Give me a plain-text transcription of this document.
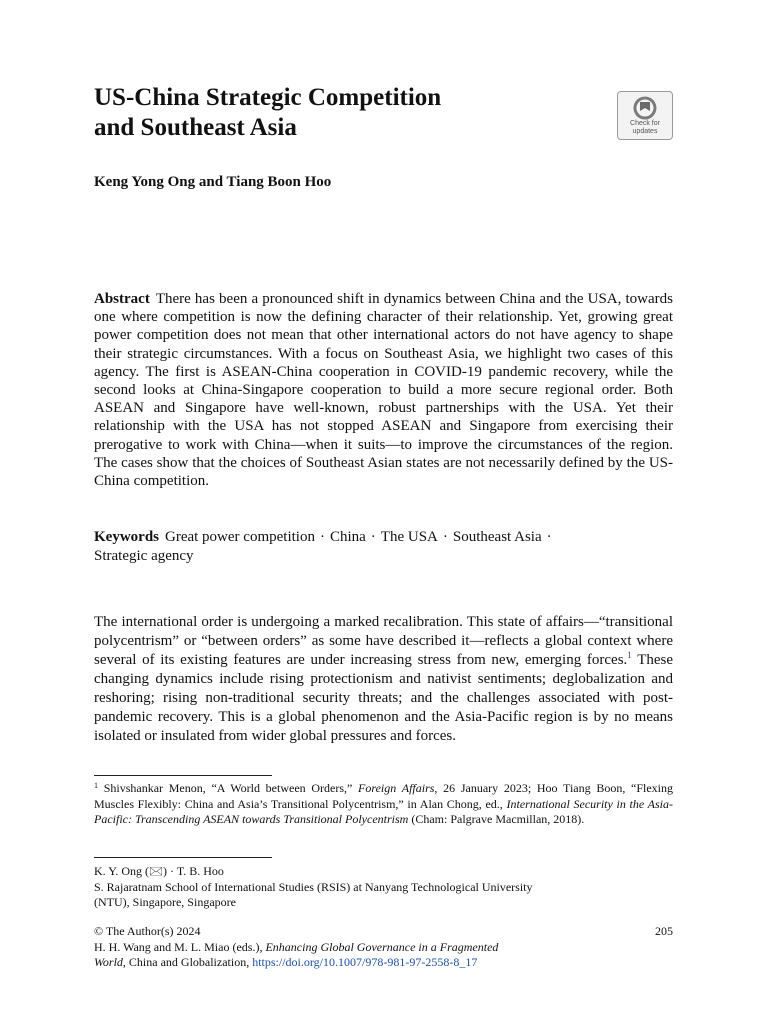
US-China Strategic Competition
and Southeast Asia	Check for
updates
Keng Yong Ong and Tiang Boon Hoo
Abstract There has been a pronounced shift in dynamics between China and the USA, towards one where competition is now the defining character of their relationship. Yet, growing great power competition does not mean that other international actors do not have agency to shape their strategic circumstances. With a focus on Southeast Asia, we highlight two cases of this agency. The first is ASEAN-China cooperation in COVID-19 pandemic recovery, while the second looks at China-Singapore cooperation to build a more secure regional order. Both ASEAN and Singapore have well-known, robust partnerships with the USA. Yet their relationship with the USA has not stopped ASEAN and Singapore from exercising their prerogative to work with China—when it suits—to improve the circumstances of the region. The cases show that the choices of Southeast Asian states are not necessarily defined by the US-China competition.
Keywords Great power competition · China · The USA · Southeast Asia ·
Strategic agency
The international order is undergoing a marked recalibration. This state of affairs—“transitional polycentrism” or “between orders” as some have described it—reflects a global context where several of its existing features are under increasing stress from new, emerging forces.$^1$ These changing dynamics include rising protectionism and nativist sentiments; deglobalization and reshoring; rising non-traditional security threats; and the challenges associated with post-pandemic recovery. This is a global phenomenon and the Asia-Pacific region is by no means isolated or insulated from wider global pressures and forces.
$^1$ Shivshankar Menon, “A World between Orders,” Foreign Affairs, 26 January 2023; Hoo Tiang Boon, “Flexing Muscles Flexibly: China and Asia’s Transitional Polycentrism,” in Alan Chong, ed., International Security in the Asia-Pacific: Transcending ASEAN towards Transitional Polycentrism (Cham: Palgrave Macmillan, 2018).
K. Y. Ong (🖂) · T. B. Hoo
S. Rajaratnam School of International Studies (RSIS) at Nanyang Technological University
(NTU), Singapore, Singapore
© The Author(s) 2024	205
H. H. Wang and M. L. Miao (eds.), Enhancing Global Governance in a Fragmented
World, China and Globalization, https://doi.org/10.1007/978-981-97-2558-8_17
